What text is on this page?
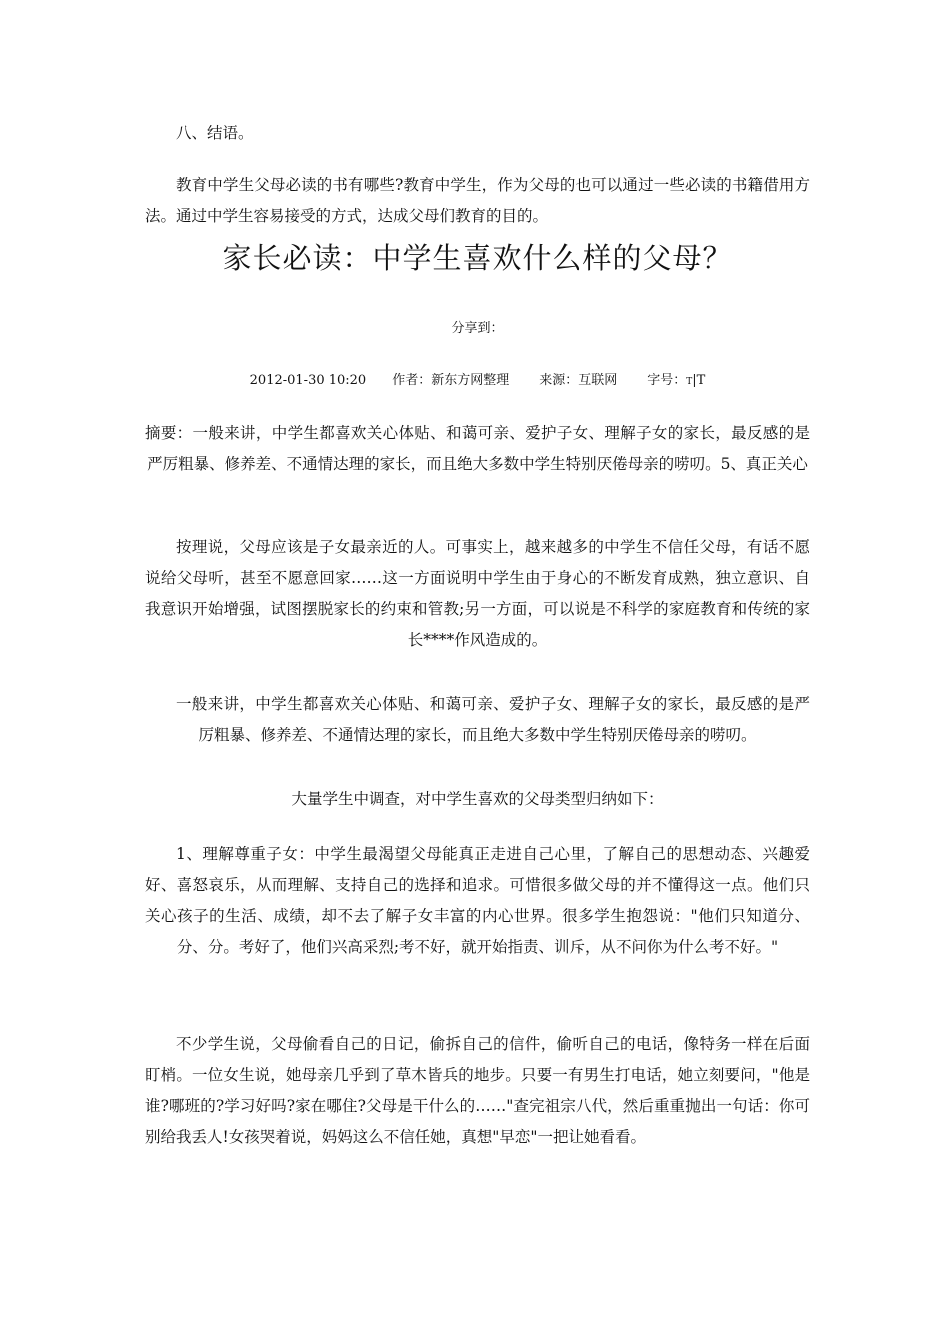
八、结语。
教育中学生父母必读的书有哪些?教育中学生，作为父母的也可以通过一些必读的书籍借用方法。通过中学生容易接受的方式，达成父母们教育的目的。
家长必读：中学生喜欢什么样的父母？
分享到：
2012-01-30 10:20 作者：新东方网整理 来源：互联网 字号：T|T
摘要：一般来讲，中学生都喜欢关心体贴、和蔼可亲、爱护子女、理解子女的家长，最反感的是严厉粗暴、修养差、不通情达理的家长，而且绝大多数中学生特别厌倦母亲的唠叨。5、真正关心
按理说，父母应该是子女最亲近的人。可事实上，越来越多的中学生不信任父母，有话不愿说给父母听，甚至不愿意回家……这一方面说明中学生由于身心的不断发育成熟，独立意识、自我意识开始增强，试图摆脱家长的约束和管教;另一方面，可以说是不科学的家庭教育和传统的家长****作风造成的。
一般来讲，中学生都喜欢关心体贴、和蔼可亲、爱护子女、理解子女的家长，最反感的是严厉粗暴、修养差、不通情达理的家长，而且绝大多数中学生特别厌倦母亲的唠叨。
大量学生中调查，对中学生喜欢的父母类型归纳如下：
1、理解尊重子女：中学生最渴望父母能真正走进自己心里，了解自己的思想动态、兴趣爱好、喜怒哀乐，从而理解、支持自己的选择和追求。可惜很多做父母的并不懂得这一点。他们只关心孩子的生活、成绩，却不去了解子女丰富的内心世界。很多学生抱怨说："他们只知道分、分、分。考好了，他们兴高采烈;考不好，就开始指责、训斥，从不问你为什么考不好。"
不少学生说，父母偷看自己的日记，偷拆自己的信件，偷听自己的电话，像特务一样在后面盯梢。一位女生说，她母亲几乎到了草木皆兵的地步。只要一有男生打电话，她立刻要问，"他是谁?哪班的?学习好吗?家在哪住?父母是干什么的……"查完祖宗八代，然后重重抛出一句话：你可别给我丢人!女孩哭着说，妈妈这么不信任她，真想"早恋"一把让她看看。
